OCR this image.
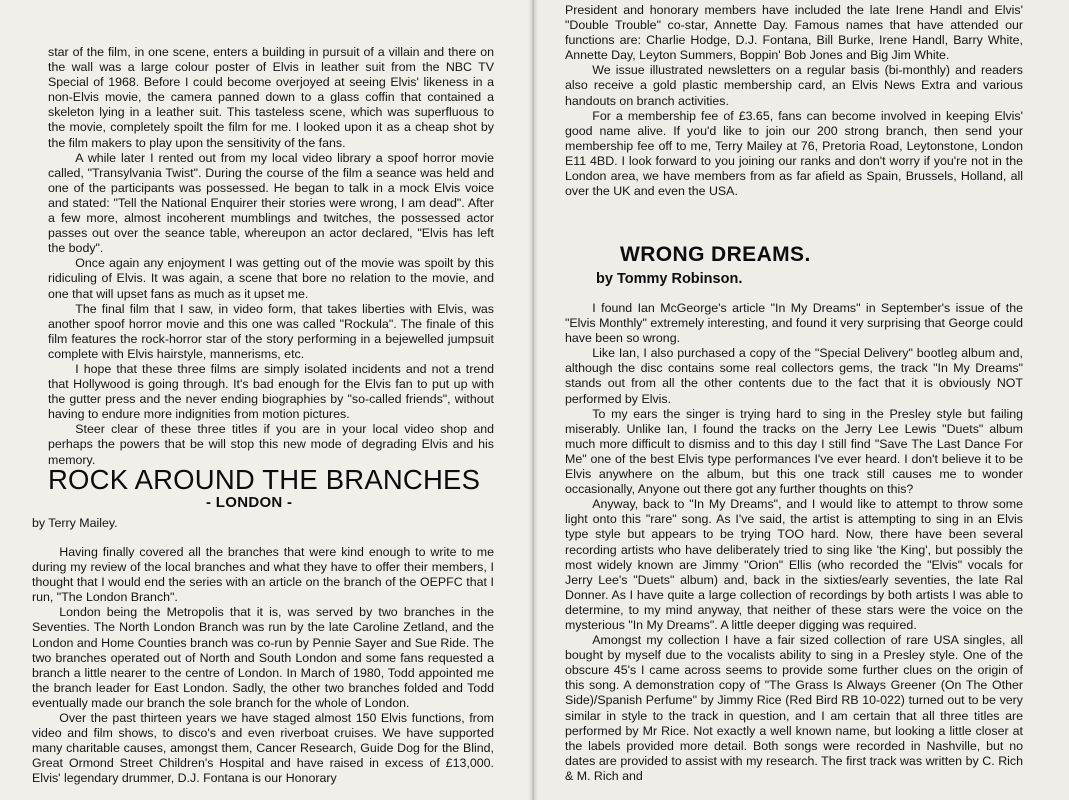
star of the film, in one scene, enters a building in pursuit of a villain and there on the wall was a large colour poster of Elvis in leather suit from the NBC TV Special of 1968. Before I could become overjoyed at seeing Elvis' likeness in a non-Elvis movie, the camera panned down to a glass coffin that contained a skeleton lying in a leather suit. This tasteless scene, which was superfluous to the movie, completely spoilt the film for me. I looked upon it as a cheap shot by the film makers to play upon the sensitivity of the fans.

A while later I rented out from my local video library a spoof horror movie called, "Transylvania Twist". During the course of the film a seance was held and one of the participants was possessed. He began to talk in a mock Elvis voice and stated: "Tell the National Enquirer their stories were wrong, I am dead". After a few more, almost incoherent mumblings and twitches, the possessed actor passes out over the seance table, whereupon an actor declared, "Elvis has left the body".

Once again any enjoyment I was getting out of the movie was spoilt by this ridiculing of Elvis. It was again, a scene that bore no relation to the movie, and one that will upset fans as much as it upset me.

The final film that I saw, in video form, that takes liberties with Elvis, was another spoof horror movie and this one was called "Rockula". The finale of this film features the rock-horror star of the story performing in a bejewelled jumpsuit complete with Elvis hairstyle, mannerisms, etc.

I hope that these three films are simply isolated incidents and not a trend that Hollywood is going through. It's bad enough for the Elvis fan to put up with the gutter press and the never ending biographies by "so-called friends", without having to endure more indignities from motion pictures.

Steer clear of these three titles if you are in your local video shop and perhaps the powers that be will stop this new mode of degrading Elvis and his memory.

ROCK AROUND THE BRANCHES
- LONDON -
by Terry Mailey.

Having finally covered all the branches that were kind enough to write to me during my review of the local branches and what they have to offer their members, I thought that I would end the series with an article on the branch of the OEPFC that I run, "The London Branch".

London being the Metropolis that it is, was served by two branches in the Seventies. The North London Branch was run by the late Caroline Zetland, and the London and Home Counties branch was co-run by Pennie Sayer and Sue Ride. The two branches operated out of North and South London and some fans requested a branch a little nearer to the centre of London. In March of 1980, Todd appointed me the branch leader for East London. Sadly, the other two branches folded and Todd eventually made our branch the sole branch for the whole of London.

Over the past thirteen years we have staged almost 150 Elvis functions, from video and film shows, to disco's and even riverboat cruises. We have supported many charitable causes, amongst them, Cancer Research, Guide Dog for the Blind, Great Ormond Street Children's Hospital and have raised in excess of £13,000. Elvis' legendary drummer, D.J. Fontana is our Honorary

President and honorary members have included the late Irene Handl and Elvis' "Double Trouble" co-star, Annette Day. Famous names that have attended our functions are: Charlie Hodge, D.J. Fontana, Bill Burke, Irene Handl, Barry White, Annette Day, Leyton Summers, Boppin' Bob Jones and Big Jim White.

We issue illustrated newsletters on a regular basis (bi-monthly) and readers also receive a gold plastic membership card, an Elvis News Extra and various handouts on branch activities.

For a membership fee of £3.65, fans can become involved in keeping Elvis' good name alive. If you'd like to join our 200 strong branch, then send your membership fee off to me, Terry Mailey at 76, Pretoria Road, Leytonstone, London E11 4BD. I look forward to you joining our ranks and don't worry if you're not in the London area, we have members from as far afield as Spain, Brussels, Holland, all over the UK and even the USA.

I found Ian McGeorge's article "In My Dreams" in September's issue of the "Elvis Monthly" extremely interesting, and found it very surprising that George could have been so wrong.

Like Ian, I also purchased a copy of the "Special Delivery" bootleg album and, although the disc contains some real collectors gems, the track "In My Dreams" stands out from all the other contents due to the fact that it is obviously NOT performed by Elvis.

To my ears the singer is trying hard to sing in the Presley style but failing miserably. Unlike Ian, I found the tracks on the Jerry Lee Lewis "Duets" album much more difficult to dismiss and to this day I still find "Save The Last Dance For Me" one of the best Elvis type performances I've ever heard. I don't believe it to be Elvis anywhere on the album, but this one track still causes me to wonder occasionally, Anyone out there got any further thoughts on this?

Anyway, back to "In My Dreams", and I would like to attempt to throw some light onto this "rare" song. As I've said, the artist is attempting to sing in an Elvis type style but appears to be trying TOO hard. Now, there have been several recording artists who have deliberately tried to sing like 'the King', but possibly the most widely known are Jimmy "Orion" Ellis (who recorded the "Elvis" vocals for Jerry Lee's "Duets" album) and, back in the sixties/early seventies, the late Ral Donner. As I have quite a large collection of recordings by both artists I was able to determine, to my mind anyway, that neither of these stars were the voice on the mysterious "In My Dreams". A little deeper digging was required.

Amongst my collection I have a fair sized collection of rare USA singles, all bought by myself due to the vocalists ability to sing in a Presley style. One of the obscure 45's I came across seems to provide some further clues on the origin of this song. A demonstration copy of "The Grass Is Always Greener (On The Other Side)/Spanish Perfume" by Jimmy Rice (Red Bird RB 10-022) turned out to be very similar in style to the track in question, and I am certain that all three titles are performed by Mr Rice. Not exactly a well known name, but looking a little closer at the labels provided more detail. Both songs were recorded in Nashville, but no dates are provided to assist with my research. The first track was written by C. Rich & M. Rich and

WRONG DREAMS.
by Tommy Robinson.
